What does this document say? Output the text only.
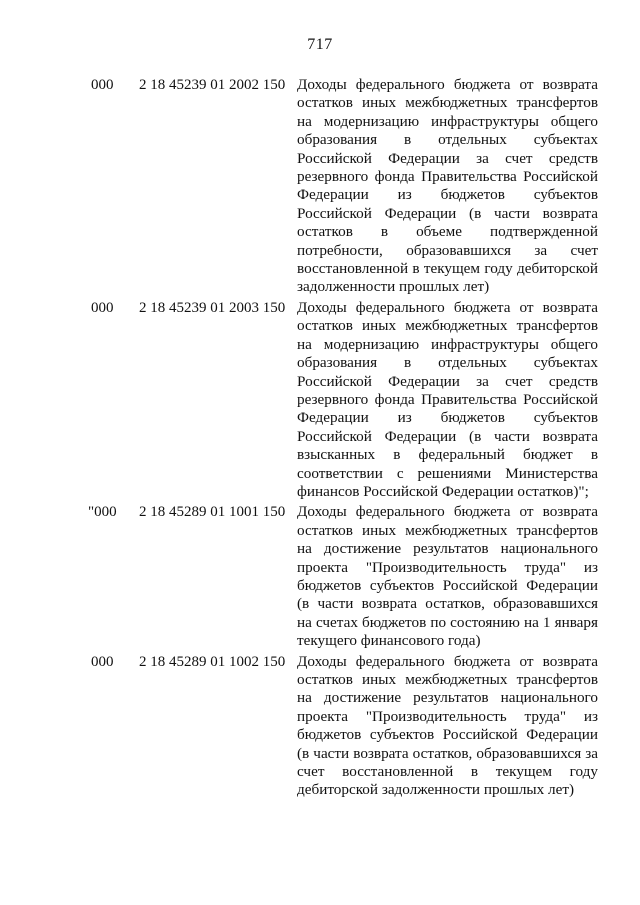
717
000 2 18 45239 01 2002 150 Доходы федерального бюджета от возврата остатков иных межбюджетных трансфертов на модернизацию инфраструктуры общего образования в отдельных субъектах Российской Федерации за счет средств резервного фонда Правительства Российской Федерации из бюджетов субъектов Российской Федерации (в части возврата остатков в объеме подтвержденной потребности, образовавшихся за счет восстановленной в текущем году дебиторской задолженности прошлых лет)
000 2 18 45239 01 2003 150 Доходы федерального бюджета от возврата остатков иных межбюджетных трансфертов на модернизацию инфраструктуры общего образования в отдельных субъектах Российской Федерации за счет средств резервного фонда Правительства Российской Федерации из бюджетов субъектов Российской Федерации (в части возврата взысканных в федеральный бюджет в соответствии с решениями Министерства финансов Российской Федерации остатков)";
"000 2 18 45289 01 1001 150 Доходы федерального бюджета от возврата остатков иных межбюджетных трансфертов на достижение результатов национального проекта "Производительность труда" из бюджетов субъектов Российской Федерации (в части возврата остатков, образовавшихся на счетах бюджетов по состоянию на 1 января текущего финансового года)
000 2 18 45289 01 1002 150 Доходы федерального бюджета от возврата остатков иных межбюджетных трансфертов на достижение результатов национального проекта "Производительность труда" из бюджетов субъектов Российской Федерации (в части возврата остатков, образовавшихся за счет восстановленной в текущем году дебиторской задолженности прошлых лет)
